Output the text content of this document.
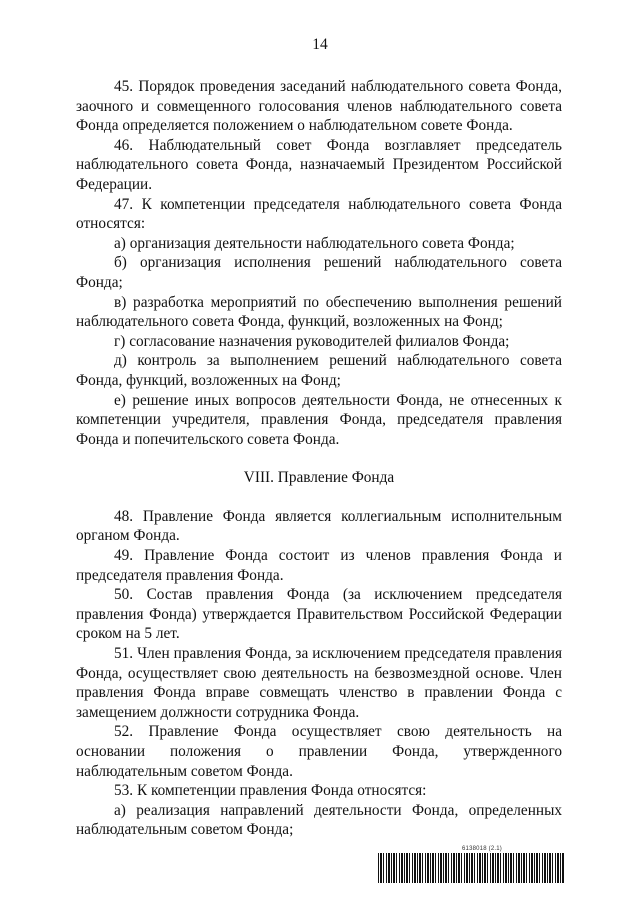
14

45. Порядок проведения заседаний наблюдательного совета Фонда, заочного и совмещенного голосования членов наблюдательного совета Фонда определяется положением о наблюдательном совете Фонда.

46. Наблюдательный совет Фонда возглавляет председатель наблюдательного совета Фонда, назначаемый Президентом Российской Федерации.

47. К компетенции председателя наблюдательного совета Фонда относятся:

а) организация деятельности наблюдательного совета Фонда;

б) организация исполнения решений наблюдательного совета Фонда;

в) разработка мероприятий по обеспечению выполнения решений наблюдательного совета Фонда, функций, возложенных на Фонд;

г) согласование назначения руководителей филиалов Фонда;

д) контроль за выполнением решений наблюдательного совета Фонда, функций, возложенных на Фонд;

е) решение иных вопросов деятельности Фонда, не отнесенных к компетенции учредителя, правления Фонда, председателя правления Фонда и попечительского совета Фонда.

VIII. Правление Фонда

48. Правление Фонда является коллегиальным исполнительным органом Фонда.

49. Правление Фонда состоит из членов правления Фонда и председателя правления Фонда.

50. Состав правления Фонда (за исключением председателя правления Фонда) утверждается Правительством Российской Федерации сроком на 5 лет.

51. Член правления Фонда, за исключением председателя правления Фонда, осуществляет свою деятельность на безвозмездной основе. Член правления Фонда вправе совмещать членство в правлении Фонда с замещением должности сотрудника Фонда.

52. Правление Фонда осуществляет свою деятельность на основании положения о правлении Фонда, утвержденного наблюдательным советом Фонда.

53. К компетенции правления Фонда относятся:

а) реализация направлений деятельности Фонда, определенных наблюдательным советом Фонда;

6138018 (2.1)
